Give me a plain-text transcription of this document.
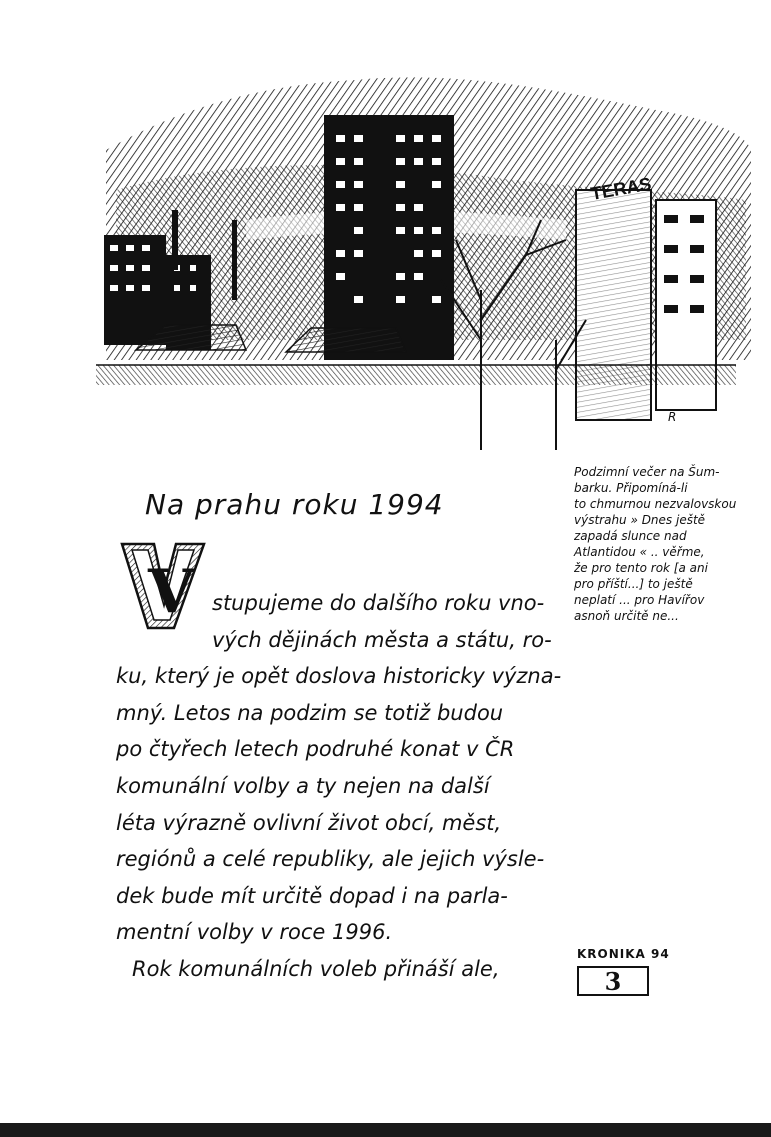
TERAS
R
Podzimní večer na Šum-
barku. Připomíná-li
to chmurnou nezvalovskou
výstrahu » Dnes ještě
zapadá slunce nad
Atlantidou « .. věřme,
že pro tento rok [a ani
pro příští...] to ještě
neplatí ... pro Havířov
asnoň určitě ne...
Na prahu roku 1994
V stupujeme do dalšího roku vno-
vých dějinách města a státu, ro-
ku, který je opět doslova historicky význa-
mný. Letos na podzim se totiž budou
po čtyřech letech podruhé konat v ČR
komunální volby a ty nejen na další
léta výrazně ovlivní život obcí, měst,
regiónů a celé republiky, ale jejich výsle-
dek bude mít určitě dopad i na parla-
mentní volby v roce 1996.
Rok komunálních voleb přináší ale,
KRONIKA 94
3
